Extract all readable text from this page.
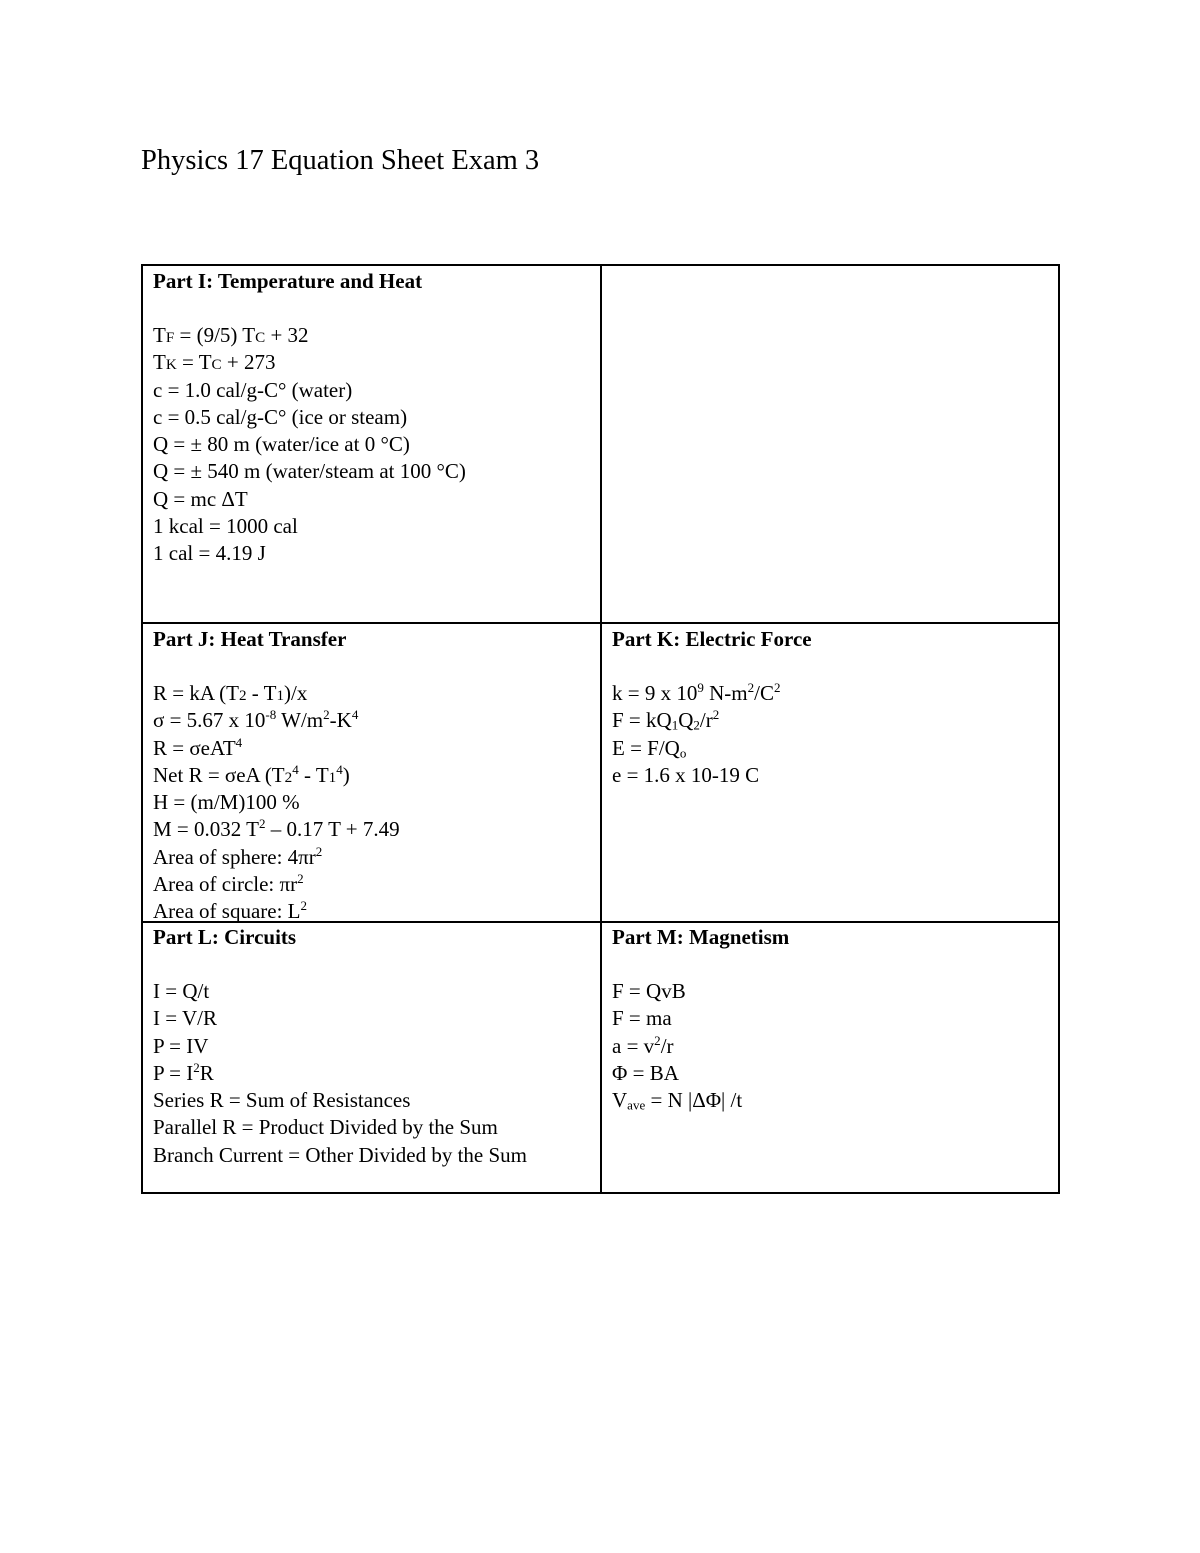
Physics 17 Equation Sheet Exam 3
Part I: Temperature and Heat
TF = (9/5) TC + 32
TK = TC + 273
c = 1.0 cal/g-C° (water)
c = 0.5 cal/g-C° (ice or steam)
Q = ± 80 m (water/ice at 0 °C)
Q = ± 540 m (water/steam at 100 °C)
Q = mc ΔT
1 kcal = 1000 cal
1 cal = 4.19 J
Part J: Heat Transfer
R = kA (T2 - T1)/x
σ = 5.67 x $10^{-8}$ $W/m^2-K^4$
R = σeAT$^4$
Net R = σeA $(T2^4 - T1^4)$
H = (m/M)100 %
M = 0.032 $T^2 - 0.17$ T + 7.49
Area of sphere: $4\pi r^2$
Area of circle: $\pi r^2$
Area of square: $L^2$
Part K: Electric Force
k = 9 x $10^9$ $N-m^2/C^2$
$F = kQ_1Q_2/r^2$
$E = F/Q_o$
e = 1.6 x 10-19 C
Part L: Circuits
I = Q/t
I = V/R
P = IV
$P = I^2R$
Series R = Sum of Resistances
Parallel R = Product Divided by the Sum
Branch Current = Other Divided by the Sum
Part M: Magnetism
F = QvB
F = ma
$a = v^2/r$
Φ = BA
$V_{ave} = N$ |ΔΦ| /t
